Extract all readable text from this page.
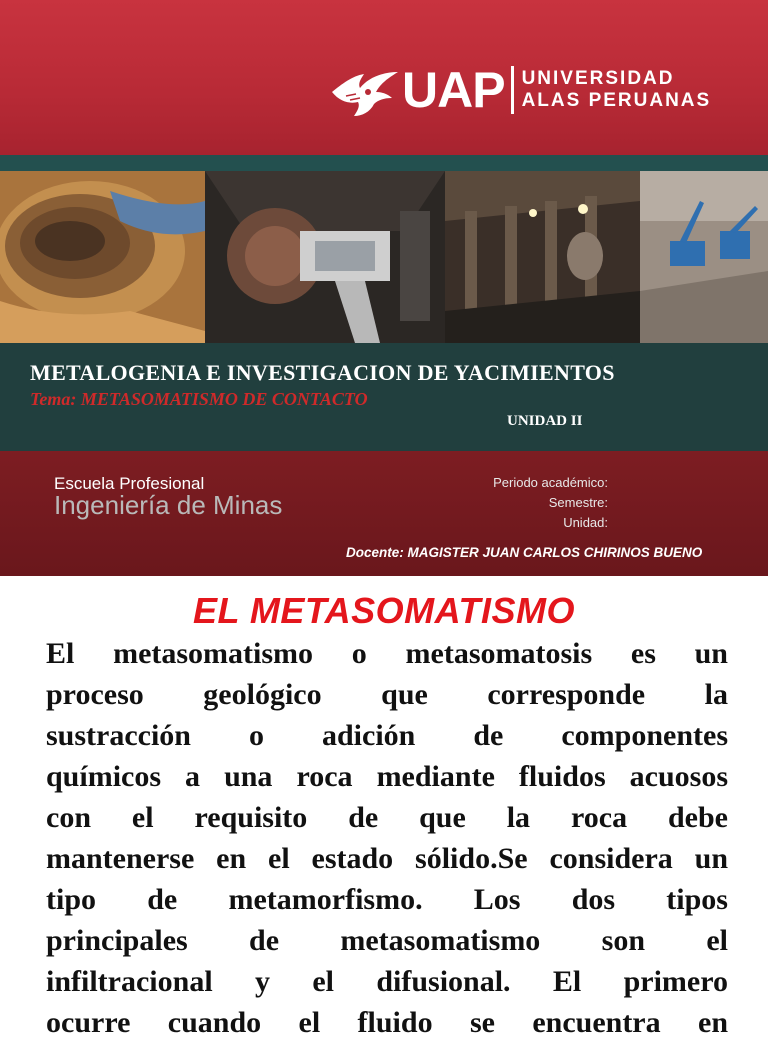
UAP UNIVERSIDAD
ALAS PERUANAS
METALOGENIA E INVESTIGACION DE YACIMIENTOS
Tema: METASOMATISMO DE CONTACTO
UNIDAD II
Escuela Profesional
Ingeniería de Minas
Periodo académico:
Semestre:
Unidad:
Docente: MAGISTER JUAN CARLOS CHIRINOS BUENO
EL METASOMATISMO
El metasomatismo o metasomatosis es un
proceso geológico que corresponde la
sustracción o adición de componentes
químicos a una roca mediante fluidos acuosos
con el requisito de que la roca debe
mantenerse en el estado sólido.Se considera un
tipo de metamorfismo. Los dos tipos
principales de metasomatismo son el
infiltracional y el difusional. El primero
ocurre cuando el fluido se encuentra en
